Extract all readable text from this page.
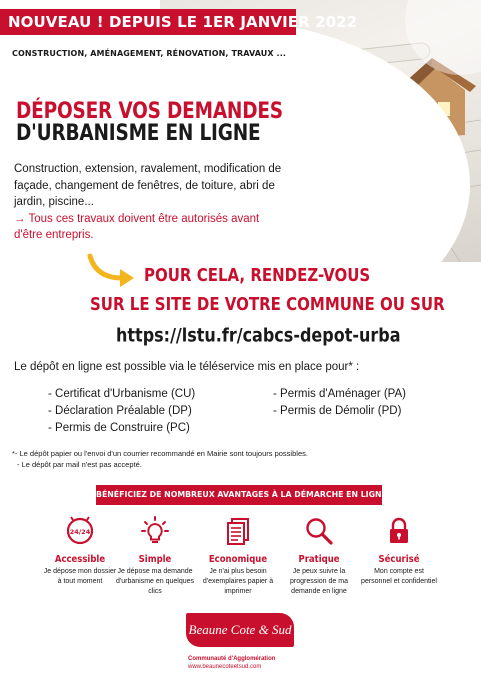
NOUVEAU ! DEPUIS LE 1ER JANVIER 2022
CONSTRUCTION, AMÉNAGEMENT, RÉNOVATION, TRAVAUX ...
DÉPOSER VOS DEMANDES
D'URBANISME EN LIGNE

Construction, extension, ravalement, modification de façade, changement de fenêtres, de toiture, abri de jardin, piscine...

→ Tous ces travaux doivent être autorisés avant d'être entrepris.

POUR CELA, RENDEZ-VOUS
SUR LE SITE DE VOTRE COMMUNE OU SUR
https://lstu.fr/cabcs-depot-urba

Le dépôt en ligne est possible via le téléservice mis en place pour* :

- Certificat d'Urbanisme (CU)
- Déclaration Préalable (DP)
- Permis de Construire (PC)
- Permis d'Aménager (PA)
- Permis de Démolir (PD)

*- Le dépôt papier ou l'envoi d'un courrier recommandé en Mairie sont toujours possibles.

- Le dépôt par mail n'est pas accepté.

BÉNÉFICIEZ DE NOMBREUX AVANTAGES À LA DÉMARCHE EN LIGNE
24/24
Accessible
Je dépose mon dossier à tout moment
Simple
Je dépose ma demande d'urbanisme en quelques clics
Economique
Je n'ai plus besoin d'exemplaires papier à imprimer
Pratique
Je peux suivre la progression de ma demande en ligne
Sécurisé
Mon compte est personnel et confidentiel
Beaune Cote & Sud
Communauté d'Agglomération
www.beaunecoteetsud.com
